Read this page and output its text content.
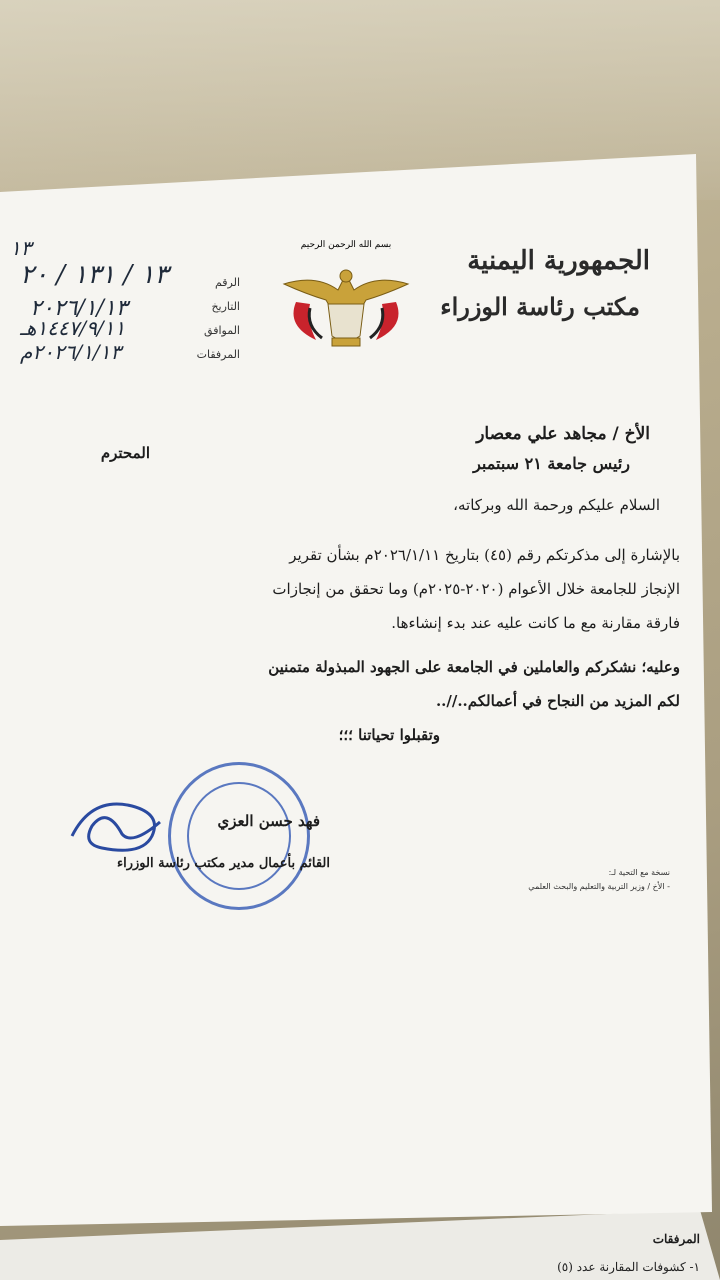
الجمهورية اليمنية
مكتب رئاسة الوزراء
بسم الله الرحمن الرحيم
الرقم
التاريخ
الموافق
المرفقات
١٣
١٣ / ١٣١ / ٢٠
٢٠٢٦/١/١٣
١٤٤٧/٩/١١هـ
٢٠٢٦/١/١٣م
الأخ / مجاهد علي معصار
رئيس جامعة ٢١ سبتمبر
المحترم
السلام عليكم ورحمة الله وبركاته،
بالإشارة إلى مذكرتكم رقم (٤٥) بتاريخ ٢٠٢٦/١/١١م بشأن تقرير
الإنجاز للجامعة خلال الأعوام (٢٠٢٠-٢٠٢٥م) وما تحقق من إنجازات
فارقة مقارنة مع ما كانت عليه عند بدء إنشاءها.
وعليه؛ نشكركم والعاملين في الجامعة على الجهود المبذولة متمنين
لكم المزيد من النجاح في أعمالكم..//..
وتقبلوا تحياتنا ؛؛؛
فهد حسن العزي
القائم بأعمال مدير مكتب رئاسة الوزراء
نسخة مع التحية لـ:
- الأخ / وزير التربية والتعليم والبحث العلمي
المرفقات
١- كشوفات المقارنة عدد (٥)
